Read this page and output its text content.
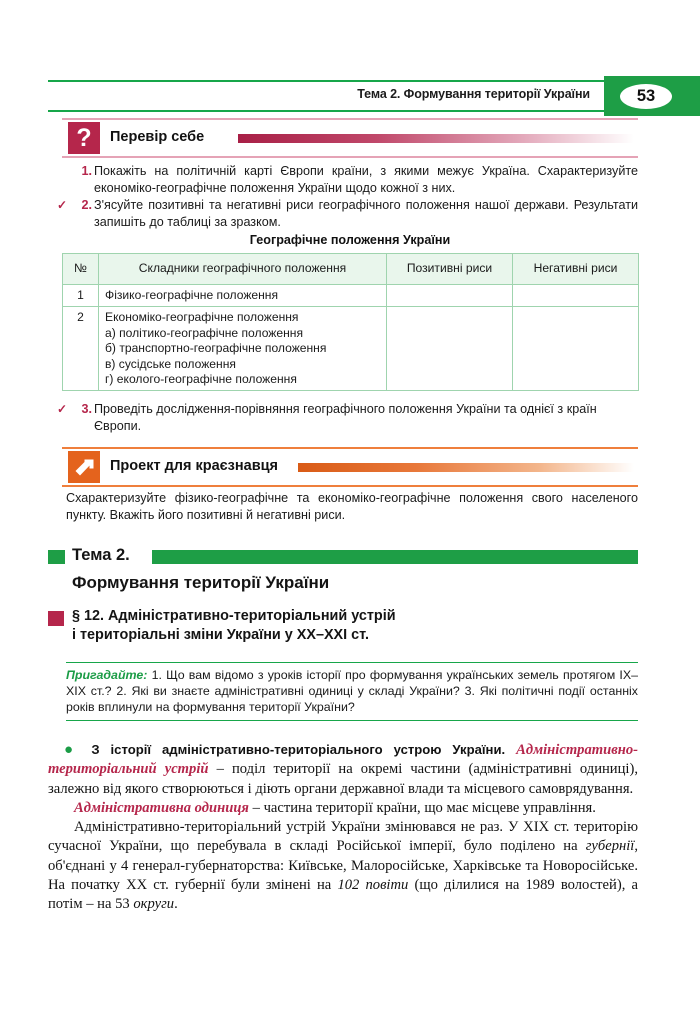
Тема 2. Формування території України	53
?	Перевір себе
1. Покажіть на політичній карті Європи країни, з якими межує Україна. Схарактеризуйте економіко-географічне положення України щодо кожної з них.
2.
✓ З'ясуйте позитивні та негативні риси географічного положення нашої держави. Результати запишіть до таблиці за зразком.
Географічне положення України
№	Складники географічного положення	Позитивні риси	Негативні риси
1	Фізико-географічне положення		
2	Економіко-географічне положення
а) політико-географічне положення
б) транспортно-географічне положення
в) сусідське положення
г) еколого-географічне положення		

3.
✓ Проведіть дослідження-порівняння географічного положення України та однієї з країн Європи.
Проект для краєзнавця
Схарактеризуйте фізико-географічне та економіко-географічне положення свого населеного пункту. Вкажіть його позитивні й негативні риси.
Тема 2.
Формування території України
§ 12. Адміністративно-територіальний устрій
і територіальні зміни України у XX–XXI ст.
Пригадайте: 1. Що вам відомо з уроків історії про формування українських земель протягом IX–XIX ст.? 2. Які ви знаєте адміністративні одиниці у складі України? 3. Які політичні події останніх років вплинули на формування території України?

● З історії адміністративно-територіального устрою України. Адміністративно-територіальний устрій – поділ території на окремі частини (адміністративні одиниці), залежно від якого створюються і діють органи державної влади та місцевого самоврядування.

Адміністративна одиниця – частина території країни, що має місцеве управління.

Адміністративно-територіальний устрій України змінювався не раз. У XIX ст. територію сучасної України, що перебувала в складі Російської імперії, було поділено на губернії, об'єднані у 4 генерал-губернаторства: Київське, Малоросійське, Харківське та Новоросійське. На початку XX ст. губернії були змінені на 102 повіти (що ділилися на 1989 волостей), а потім – на 53 округи.
